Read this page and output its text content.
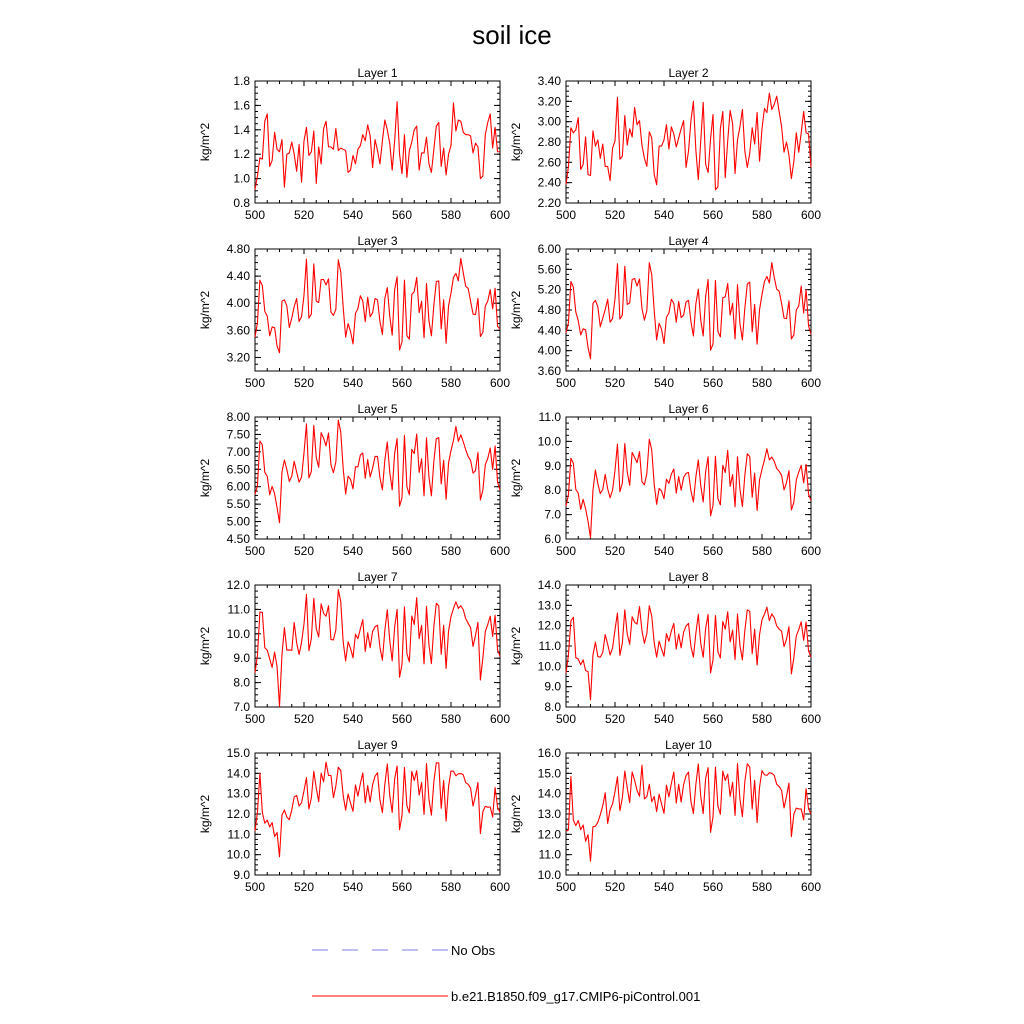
soil ice
Layer 1
500 520 540 560 580 600
0.8
1.0
1.2
1.4
1.6
1.8
kg/m^2
Layer 2
500 520 540 560 580 600
2.20
2.40
2.60
2.80
3.00
3.20
3.40
kg/m^2
Layer 3
500 520 540 560 580 600
3.20
3.60
4.00
4.40
4.80
kg/m^2
Layer 4
500 520 540 560 580 600
3.60
4.00
4.40
4.80
5.20
5.60
6.00
kg/m^2
Layer 5
500 520 540 560 580 600
4.50
5.00
5.50
6.00
6.50
7.00
7.50
8.00
kg/m^2
Layer 6
500 520 540 560 580 600
6.0
7.0
8.0
9.0
10.0
11.0
kg/m^2
Layer 7
500 520 540 560 580 600
7.0
8.0
9.0
10.0
11.0
12.0
kg/m^2
Layer 8
500 520 540 560 580 600
8.0
9.0
10.0
11.0
12.0
13.0
14.0
kg/m^2
Layer 9
500 520 540 560 580 600
9.0
10.0
11.0
12.0
13.0
14.0
15.0
kg/m^2
Layer 10
500 520 540 560 580 600
10.0
11.0
12.0
13.0
14.0
15.0
16.0
kg/m^2
No Obs
b.e21.B1850.f09_g17.CMIP6-piControl.001
